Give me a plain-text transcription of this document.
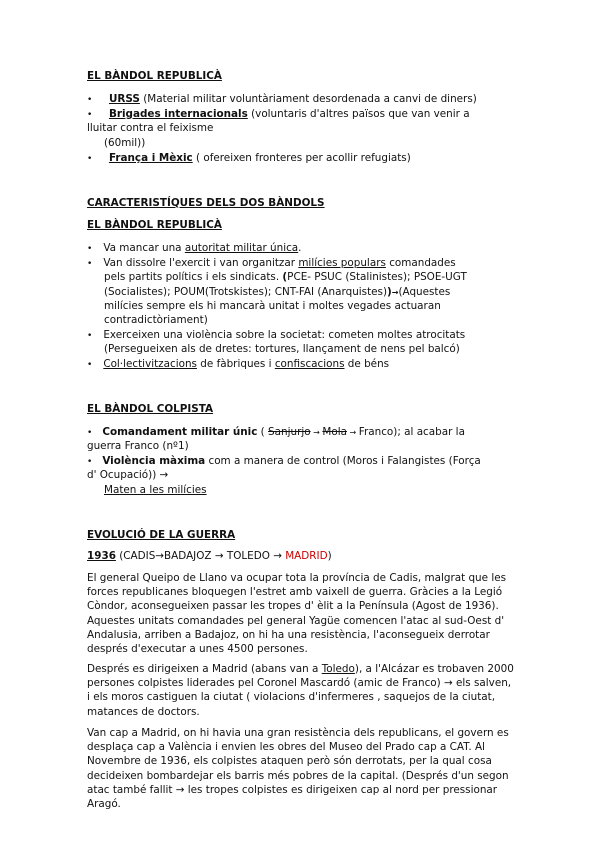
EL BÀNDOL REPUBLICÀ
• URSS (Material militar voluntàriament desordenada a canvi de diners)
• Brigades internacionals (voluntaris d'altres països que van venir a
lluitar contra el feixisme
(60mil))
• França i Mèxic ( ofereixen fronteres per acollir refugiats)
CARACTERISTÍQUES DELS DOS BÀNDOLS
EL BÀNDOL REPUBLICÀ
• Va mancar una autoritat militar única.
• Van dissolre l'exercit i van organitzar milícies populars comandades
pels partits polítics i els sindicats. (PCE- PSUC (Stalinistes); PSOE-UGT
(Socialistes); POUM(Trotskistes); CNT-FAI (Anarquistes))→(Aquestes
milícies sempre els hi mancarà unitat i moltes vegades actuaran
contradictòriament)
• Exerceixen una violència sobre la societat: cometen moltes atrocitats
(Persegueixen als de dretes: tortures, llançament de nens pel balcó)
• Col·lectivitzacions de fàbriques i confiscacions de béns
EL BÀNDOL COLPISTA
• Comandament militar únic ( Sanjurjo → Mola → Franco); al acabar la
guerra Franco (nº1)
• Violència màxima com a manera de control (Moros i Falangistes (Força
d' Ocupació)) →
Maten a les milícies
EVOLUCIÓ DE LA GUERRA
1936 (CADIS→BADAJOZ → TOLEDO → MADRID)
El general Queipo de Llano va ocupar tota la província de Cadis, malgrat que les forces republicanes bloquegen l'estret amb vaixell de guerra. Gràcies a la Legió Còndor, aconsegueixen passar les tropes d' èlit a la Península (Agost de 1936). Aquestes unitats comandades pel general Yagüe comencen l'atac al sud-Oest d' Andalusia, arriben a Badajoz, on hi ha una resistència, l'aconsegueix derrotar després d'executar a unes 4500 persones.
Després es dirigeixen a Madrid (abans van a Toledo), a l'Alcázar es trobaven 2000 persones colpistes liderades pel Coronel Mascardó (amic de Franco) → els salven, i els moros castiguen la ciutat ( violacions d'infermeres , saquejos de la ciutat, matances de doctors.
Van cap a Madrid, on hi havia una gran resistència dels republicans, el govern es desplaça cap a València i envien les obres del Museo del Prado cap a CAT. Al Novembre de 1936, els colpistes ataquen però són derrotats, per la qual cosa decideixen bombardejar els barris més pobres de la capital. (Després d'un segon atac també fallit → les tropes colpistes es dirigeixen cap al nord per pressionar Aragó.
